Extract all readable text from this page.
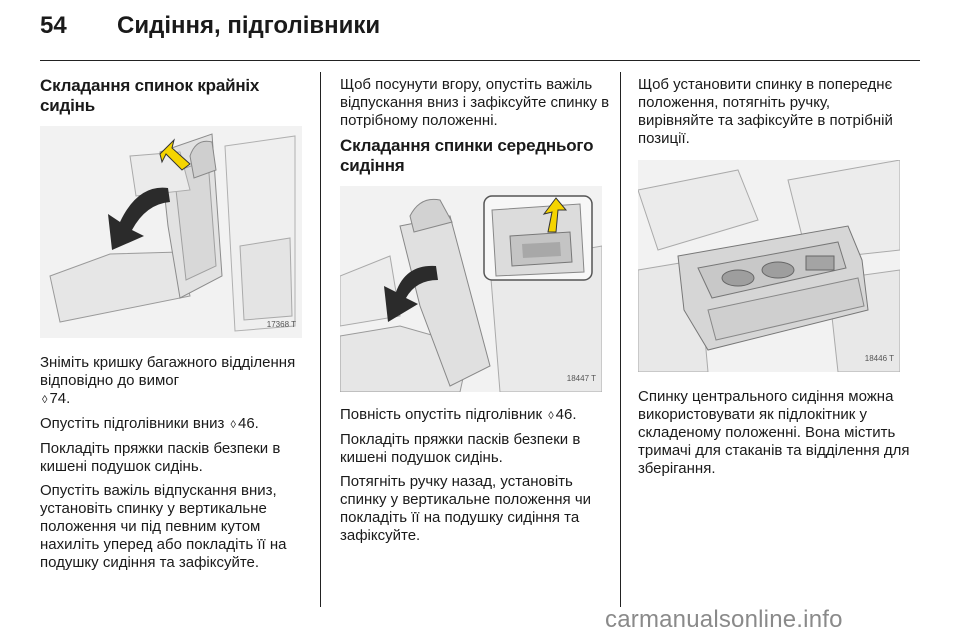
54 Сидіння, підголівники
Складання спинок крайніх сидінь
17368 T

Зніміть кришку багажного відділення відповідно до вимог
◊ 74.

Опустіть підголівники вниз ◊ 46.

Покладіть пряжки пасків безпеки в кишені подушок сидінь.

Опустіть важіль відпускання вниз, установіть спинку у вертикальне положення чи під певним кутом нахиліть уперед або покладіть її на подушку сидіння та зафіксуйте.

Щоб посунути вгору, опустіть важіль відпускання вниз і зафіксуйте спинку в потрібному положенні.

Складання спинки середнього сидіння
18447 T

Повність опустіть підголівник ◊ 46.

Покладіть пряжки пасків безпеки в кишені подушок сидінь.

Потягніть ручку назад, установіть спинку у вертикальне положення чи покладіть її на подушку сидіння та зафіксуйте.

Щоб установити спинку в попереднє положення, потягніть ручку, вирівняйте та зафіксуйте в потрібній позиції.

18446 T

Спинку центрального сидіння можна використовувати як підлокітник у складеному положенні. Вона містить тримачі для стаканів та відділення для зберігання.

carmanualsonline.info
